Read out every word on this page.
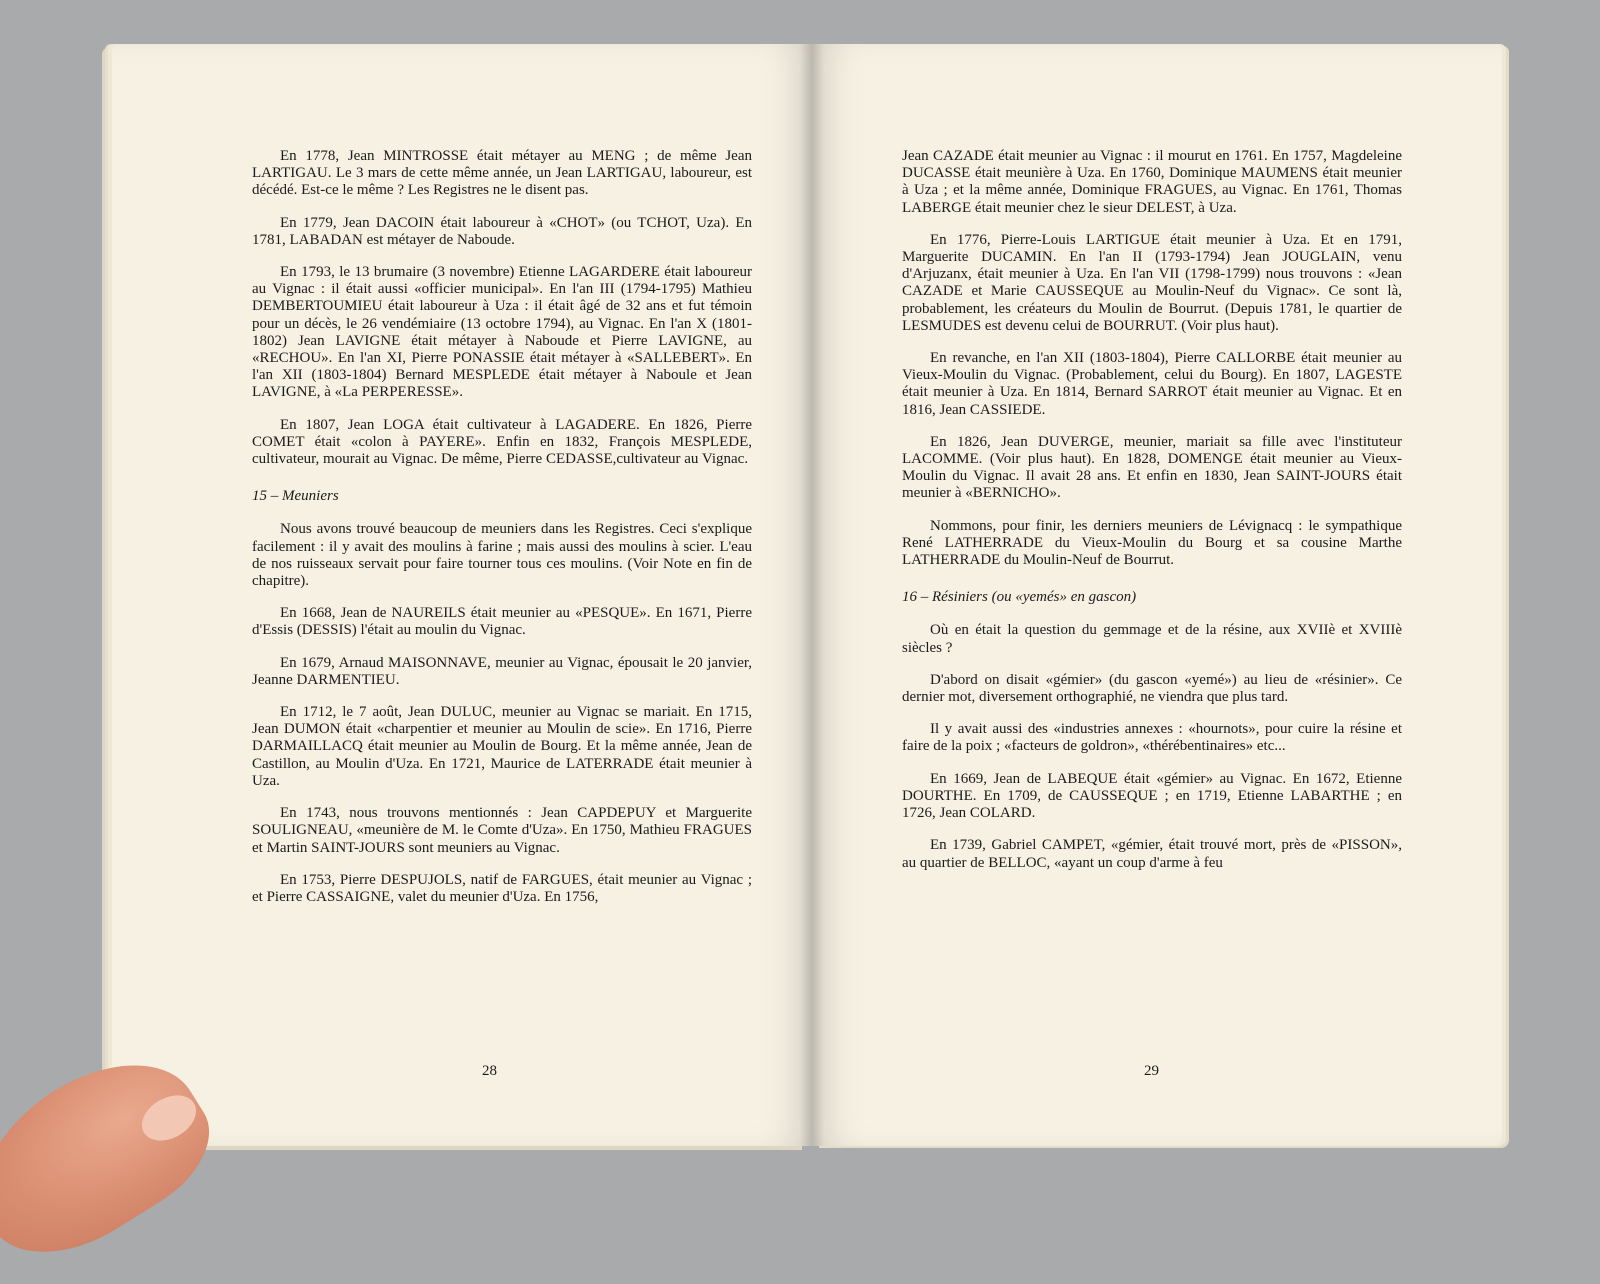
En 1778, Jean MINTROSSE était métayer au MENG ; de même Jean LARTIGAU. Le 3 mars de cette même année, un Jean LARTIGAU, laboureur, est décédé. Est-ce le même ? Les Registres ne le disent pas.

En 1779, Jean DACOIN était laboureur à «CHOT» (ou TCHOT, Uza). En 1781, LABADAN est métayer de Naboude.

En 1793, le 13 brumaire (3 novembre) Etienne LAGARDERE était laboureur au Vignac : il était aussi «officier municipal». En l'an III (1794-1795) Mathieu DEMBERTOUMIEU était laboureur à Uza : il était âgé de 32 ans et fut témoin pour un décès, le 26 vendémiaire (13 octobre 1794), au Vignac. En l'an X (1801-1802) Jean LAVIGNE était métayer à Naboude et Pierre LAVIGNE, au «RECHOU». En l'an XI, Pierre PONASSIE était métayer à «SALLEBERT». En l'an XII (1803-1804) Bernard MESPLEDE était métayer à Naboule et Jean LAVIGNE, à «La PERPERESSE».

En 1807, Jean LOGA était cultivateur à LAGADERE. En 1826, Pierre COMET était «colon à PAYERE». Enfin en 1832, François MESPLEDE, cultivateur, mourait au Vignac. De même, Pierre CEDASSE,cultivateur au Vignac.

15 – Meuniers

Nous avons trouvé beaucoup de meuniers dans les Registres. Ceci s'explique facilement : il y avait des moulins à farine ; mais aussi des moulins à scier. L'eau de nos ruisseaux servait pour faire tourner tous ces moulins. (Voir Note en fin de chapitre).

En 1668, Jean de NAUREILS était meunier au «PESQUE». En 1671, Pierre d'Essis (DESSIS) l'était au moulin du Vignac.

En 1679, Arnaud MAISONNAVE, meunier au Vignac, épousait le 20 janvier, Jeanne DARMENTIEU.

En 1712, le 7 août, Jean DULUC, meunier au Vignac se mariait. En 1715, Jean DUMON était «charpentier et meunier au Moulin de scie». En 1716, Pierre DARMAILLACQ était meunier au Moulin de Bourg. Et la même année, Jean de Castillon, au Moulin d'Uza. En 1721, Maurice de LATERRADE était meunier à Uza.

En 1743, nous trouvons mentionnés : Jean CAPDEPUY et Marguerite SOULIGNEAU, «meunière de M. le Comte d'Uza». En 1750, Mathieu FRAGUES et Martin SAINT-JOURS sont meuniers au Vignac.

En 1753, Pierre DESPUJOLS, natif de FARGUES, était meunier au Vignac ; et Pierre CASSAIGNE, valet du meunier d'Uza. En 1756,

28

Jean CAZADE était meunier au Vignac : il mourut en 1761. En 1757, Magdeleine DUCASSE était meunière à Uza. En 1760, Dominique MAUMENS était meunier à Uza ; et la même année, Dominique FRAGUES, au Vignac. En 1761, Thomas LABERGE était meunier chez le sieur DELEST, à Uza.

En 1776, Pierre-Louis LARTIGUE était meunier à Uza. Et en 1791, Marguerite DUCAMIN. En l'an II (1793-1794) Jean JOUGLAIN, venu d'Arjuzanx, était meunier à Uza. En l'an VII (1798-1799) nous trouvons : «Jean CAZADE et Marie CAUSSEQUE au Moulin-Neuf du Vignac». Ce sont là, probablement, les créateurs du Moulin de Bourrut. (Depuis 1781, le quartier de LESMUDES est devenu celui de BOURRUT. (Voir plus haut).

En revanche, en l'an XII (1803-1804), Pierre CALLORBE était meunier au Vieux-Moulin du Vignac. (Probablement, celui du Bourg). En 1807, LAGESTE était meunier à Uza. En 1814, Bernard SARROT était meunier au Vignac. Et en 1816, Jean CASSIEDE.

En 1826, Jean DUVERGE, meunier, mariait sa fille avec l'instituteur LACOMME. (Voir plus haut). En 1828, DOMENGE était meunier au Vieux-Moulin du Vignac. Il avait 28 ans. Et enfin en 1830, Jean SAINT-JOURS était meunier à «BERNICHO».

Nommons, pour finir, les derniers meuniers de Lévignacq : le sympathique René LATHERRADE du Vieux-Moulin du Bourg et sa cousine Marthe LATHERRADE du Moulin-Neuf de Bourrut.

16 – Résiniers (ou «yemés» en gascon)

Où en était la question du gemmage et de la résine, aux XVIIè et XVIIIè siècles ?

D'abord on disait «gémier» (du gascon «yemé») au lieu de «résinier». Ce dernier mot, diversement orthographié, ne viendra que plus tard.

Il y avait aussi des «industries annexes : «hournots», pour cuire la résine et faire de la poix ; «facteurs de goldron», «thérébentinaires» etc...

En 1669, Jean de LABEQUE était «gémier» au Vignac. En 1672, Etienne DOURTHE. En 1709, de CAUSSEQUE ; en 1719, Etienne LABARTHE ; en 1726, Jean COLARD.

En 1739, Gabriel CAMPET, «gémier, était trouvé mort, près de «PISSON», au quartier de BELLOC, «ayant un coup d'arme à feu

29
